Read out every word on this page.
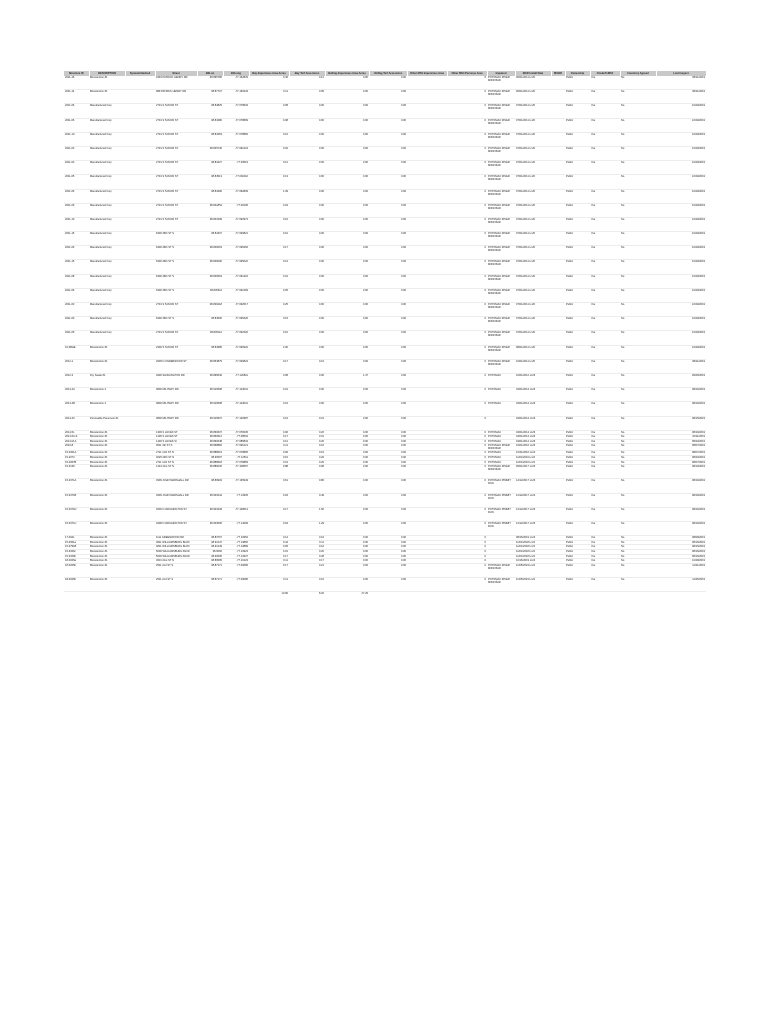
Structure ID	DESCRIPTION	SystemAttached	Street	BXLon	BXLong	Bay Impervious Area Acres	Bay Turf Area Acres	Bolling Impervious Area Acres	Uniflag Turf Area Acres	Other MS4 Impervious Area	Other MS4 Pervious Area	Impaired	MAR Install Date	MS4ID	Ownership	OnsiteToMS4	Inventory Agreed	Last Inspect
2011-16	Bioretention #1		1849 PATRICK HENRY DR	38.896786	-77.162833	0.46	0.12	0.00	0.00		0	POTOMAC RIVER MIDD BAR	06/01/2011 H.26		Public	Yes	No	08/11/2019
2011-14	Bioretention #1		989 PATRICK HENRY DR	38.87707	-77.160343	0.11	0.05	0.00	0.00		0	POTOMAC RIVER MIDD BAR	06/01/2011 H.26		Public	Yes	No	08/11/2019
2011-06	Manufactured bmp		2701 S 51N DR ST	38.84825	-77.078933	0.08	0.00	0.00	0.00		0	POTOMAC RIVER MIDD BAR	07/01/2011 H.26		Public	Yes	No	10/29/2019
2011-06	Manufactured bmp		2701 S 51N DR ST	38.84386	-77.078899	0.08	0.00	0.00	0.00		0	POTOMAC RIVER MIDD BAR	07/01/2011 H.26		Public	Yes	No	10/29/2019
2011-1C	Manufactured bmp		2701 S 51N DR ST	38.84353	-77.078882	0.10	0.00	0.00	0.00		0	POTOMAC RIVER MIDD BAR	07/01/2011 H.26		Public	Yes	No	10/29/2019
2011-02	Manufactured bmp		2701 S 51N DR ST	38.845746	-77.092124	0.02	0.00	0.00	0.00		0	POTOMAC RIVER MIDD BAR	07/01/2011 H.26		Public	Yes	No	10/29/2019
2011-03	Manufactured bmp		2701 S 51N DR ST	38.84427	-77.09519	0.12	0.00	0.00	0.00		0	POTOMAC RIVER MIDD BAR	07/01/2011 H.26		Public	Yes	No	10/29/2019
2011-05	Manufactured bmp		2701 S 51N DR ST	38.84513	-77.092116	0.13	0.00	0.00	0.00		0	POTOMAC RIVER MIDD BAR	07/01/2011 H.26		Public		No	10/29/2019
2011-06	Manufactured bmp		2701 S 51N DR ST	38.84396	-77.092809	1.09	0.00	0.00	0.00		0	POTOMAC RIVER MIDD BAR	07/01/2011 H.26		Public	Yes	No	10/29/2019
2011-09	Manufactured bmp		2701 S 51N DR ST	38.841854	-77.09105	0.04	0.00	0.00	0.00		0	POTOMAC RIVER MIDD BAR	07/01/2011 H.26		Public	Yes	No	10/29/2019
2011-10	Manufactured bmp		2701 S 51N DR ST	38.841699	-77.092974	0.16	0.00	0.00	0.00		0	POTOMAC RIVER MIDD BAR	07/01/2011 H.26		Public	Yes	No	10/29/2019
2011-15	Manufactured bmp		6300 28th ST S	38.84307	-77.090821	0.10	0.00	0.00	0.00		0	POTOMAC RIVER MIDD BAR	07/01/2011 H.26		Public	Yes	No	10/29/2019
2011-0F	Manufactured bmp		6300 28th ST S	38.846063	-77.095266	0.17	0.00	0.00	0.00		0	POTOMAC RIVER MIDD BAR	07/01/2011 H.26		Public	Yes	No	10/29/2019
2011-15	Manufactured bmp		6300 28th ST S	38.846066	-77.095022	0.13	0.00	0.00	0.00		0	POTOMAC RIVER MIDD BAR	07/01/2011 H.26		Public	Yes	No	10/29/2019
2011-08	Manufactured bmp		6300 28th ST S	38.846564	-77.091322	0.01	0.00	0.00	0.00		0	POTOMAC RIVER MIDD BAR	07/01/2011 H.26		Public	Yes	No	10/29/2019
2011-06	Manufactured bmp		6300 28th ST S	38.845611	-77.092183	0.05	0.00	0.00	0.00		0	POTOMAC RIVER MIDD BAR	07/01/2011 H.26		Public	Yes	No	10/29/2019
2011-03	Manufactured bmp		2701 S 51N DR ST	38.846218	-77.092517	0.25	0.00	0.00	0.00		0	POTOMAC RIVER MIDD BAR	07/01/2011 H.26		Public	Yes	No	10/29/2019
2011-0F	Manufactured bmp		6300 28th ST S	38.84500	-77.095426	0.15	0.00	0.00	0.00		0	POTOMAC RIVER MIDD BAR	07/01/2011 H.26		Public	Yes	No	10/29/2019
2011-05	Manufactured bmp		2701 S 51N DR ST	38.845112	-77.092320	0.10	0.00	0.00	0.00		0	POTOMAC RIVER MIDD BAR	07/01/2011 H.26		Public	Yes	No	10/29/2019
10-0BHE	Bioretention #1		2300 S 51N DR ST	38.84985	-77.090922	2.00	0.00	0.00	0.00		0	POTOMAC RIVER MIDD BAR	08/01/2011 H.26		Public	Yes	No	10/29/2019
2012-1	Bioretention #1		2609 N UNDERWOOD ST	38.864879	-77.090824	0.17	0.16	0.00	0.00		0	POTOMAC RIVER MIDD BAR	10/01/2011 H.26		Public	Yes	No	08/11/2019
2012-3	Dry Swale #1		4900 SHIRLINGTON RD	38.899546	-77.120811	0.08	0.00	1.47	0.00		0	POTOMAC	10/01/2012 H.26		Public	Yes	No	09/25/2019
2014-4A	Bioretention 2		0800 MILITARY RD	38.919508	-77.123031	0.01	0.00	0.00	0.00		0	POTOMAC	04/01/2014 H.26		Public	Yes	No	08/16/2019
2014-4B	Bioretention 2		0800 MILITARY RD	38.919508	-77.123031	0.01	0.00	0.00	0.00		0	POTOMAC	04/01/2014 H.26		Public	Yes	No	08/16/2019
2014-4C	Permeable Pavement #1		0800 MILITARY RD	38.919507	-77.120987	0.16	0.01	0.00	0.00		0		04/01/2014 H.26		Public	Yes	No	08/15/2019
2014-5L	Bioretention #1		1309 S HAYES ST	38.860607	-77.078235	0.06	0.26	0.00	0.00		0	POTOMAC	04/01/2014 H.26		Public	Yes	No	08/16/2019
2014-6A-S	Bioretention #1		1400 S HAYES ST	38.860512	-77.08504	0.17	0.01	0.00	0.00		0	POTOMAC	04/01/2014 H.26		Public	Yes	No	10/11/2019
2014-M-A	Bioretention #1		1400 S HAYES St	38.860648	-77.085834	0.12	0.20	0.00	0.00		0	POTOMAC	04/01/2014 H.26		Public	Yes	No	08/20/2019
2016-8	Bioretention #1		0511 4th ST S	38.868882	-77.096121	0.11	0.16	0.00	0.00		0	POTOMAC RIVER MIDD BAR	10/01/2016 H.26		Public	Yes	No	08/07/2019
15-2061A	Bioretention #1		2711 11th ST N	38.888619	-77.078865	0.06	0.16	0.00	0.00		0	POTOMAC	10/21/2016 H.24		Public	Yes	No	08/07/2019
15-2073	Bioretention #1		4625 29th ST N	38.90597	-77.12511	0.16	0.26	0.00	0.00		0	POTOMAC	11/01/2016 H.24		Public	Yes	No	08/20/2019
15-2067B	Bioretention #1		2711 11th ST N	38.888618	-77.078883	0.01	0.26	0.00	0.00		0	POTOMAC	11/01/2016 H.24		Public	Yes	No	08/07/2019
15-3138	Bioretention #1		1401 21st ST N	38.886036	-77.108667	0.88	0.08	0.00	0.00		0	POTOMAC RIVER MIDD BAR	05/01/2017 H.26		Public	Yes	No	08/10/2019
15-3371A	Bioretention #1		0309 JOHN MARSHALL DR	38.89903	-77.135949	0.61	0.86	0.00	0.00		0	POTOMAC PIMMIT RUN	12/12/2017 H.26		Public	Yes	No	08/16/2019
15-3371B	Bioretention #1		0309 JOHN MARSHALL DR	38.903244	-77.13935	0.18	0.49	0.00	0.00		0	POTOMAC PIMMIT RUN	12/12/2017 H.24		Public	Yes	No	08/16/2019
15-3371D	Bioretention #1		0200 N WASHINGTON ST	38.903239	-77.148614	0.17	1.50	0.00	0.00		0	POTOMAC PIMMIT RUN	12/12/2017 H.26		Public	Yes	No	08/16/2019
15-3371C	Bioretention #1		0408 N WASHINGTON ST	38.903605	-77.14609	0.64	1.29	0.00	0.00		0	POTOMAC PIMMIT RUN	12/12/2017 H.26		Public	Yes	No	08/16/2019
17-0021	Bioretention #1		1111 GREENWOOD RD	38.83767	-77.10952	0.14	0.16	0.00	0.00		0		08/16/2019 H.24		Public	Yes	No	08/08/2019
15-3051a	Bioretention #1		4811 WILLIAMSBURG BLVD	38.91247	-77.13866	0.44	0.11	0.00	0.00		0		11/01/2018 H.24		Public	Yes	No	08/16/2019
15-3791B	Bioretention #1		4811 WILLIAMSBURG BLVD	38.91249	-77.13889	0.05	0.16	0.00	0.00		0		11/01/2018 H.24		Public	Yes	No	08/16/2019
15-3326c	Bioretention #1		5000 WILLIAMSBURG BLVD	38.9066	-77.13923	0.01	0.20	0.00	0.00		0		11/01/2018 H.24		Public	Yes	No	08/16/2019
15-3326b	Bioretention #1		5000 WILLIAMSBURG BLVD	38.90605	-77.13937	0.17	0.28	0.00	0.00		0		11/01/2018 H.24		Public	Yes	No	08/16/2019
18-0025a	Bioretention #1		3001 21st ST N	38.89595	-77.10123	0.11	0.17	0.00	0.00		0		10/16/2019 H.24		Public	Yes	No	10/28/2019
18-0025b	Bioretention #1		2511 2nd ST S	38.87171	-77.09086	0.17	0.21	0.00	0.00		0	POTOMAC RIVER MIDD BAR	11/05/2019 H.24		Public	Yes	No	11/21/2019
18-0025b	Bioretention #1		2511 2nd ST S	38.87171	-77.09086	0.11	0.16	0.00	0.00		0	POTOMAC RIVER MIDD BAR	11/05/2019 H.24		Public	Yes	No	11/25/2019
						13.90	8.20	27.29										
